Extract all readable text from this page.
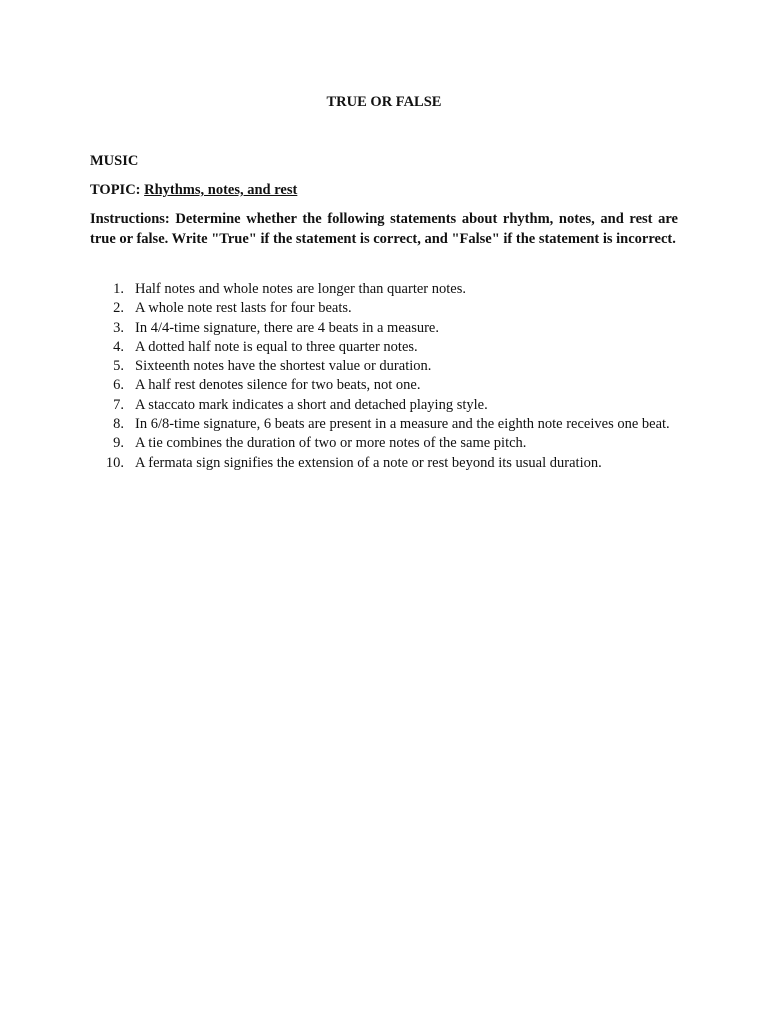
TRUE OR FALSE
MUSIC
TOPIC: Rhythms, notes, and rest
Instructions: Determine whether the following statements about rhythm, notes, and rest are true or false. Write "True" if the statement is correct, and "False" if the statement is incorrect.
1. Half notes and whole notes are longer than quarter notes.
2. A whole note rest lasts for four beats.
3. In 4/4-time signature, there are 4 beats in a measure.
4. A dotted half note is equal to three quarter notes.
5. Sixteenth notes have the shortest value or duration.
6. A half rest denotes silence for two beats, not one.
7. A staccato mark indicates a short and detached playing style.
8. In 6/8-time signature, 6 beats are present in a measure and the eighth note receives one beat.
9. A tie combines the duration of two or more notes of the same pitch.
10. A fermata sign signifies the extension of a note or rest beyond its usual duration.
